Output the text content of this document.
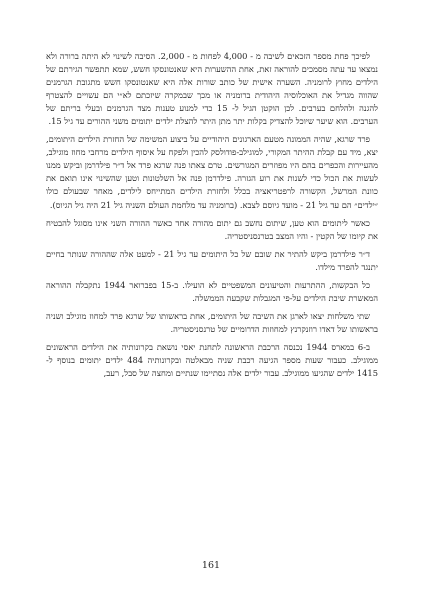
לפיכך פחת מספר הזכאים לשיבה מ - 4,000 לפחות מ - 2,000. הסיבה לשינוי לא היתה ברורה ולא נמצאו עד עתה מסמכים להוראה זאת, אחת ההשערות היא שאנטונסקו חשש, שמא תתפשר הגירתם של הילדים מחוץ לרומניה. השערה אישית של כותב שורות אלה היא שאנטונסקו חשש מתגובת הגרמנים שהווה מגדיל את האוכלוסיה היהודית ברומניה או מכך שבמקרה שיזכתם לא״י הם עשויים להצטרף להגנה ולהלחם בערבים. לכן הוקטן הגיל ל- 15 כדי למנוע טענות מצד הגרמנים ובעלי בריתם של הערבים. הוא שיער שיוכל להצדיק בקלות יתר מתן היתר להצלת ילדים יתומים משני ההורים עד גיל 15.

פרד שרגא, שהיה הממונה מטעם הארגונים היהודיים על ביצוע המשימה של החזרת הילדים היתומים, יצא, מיד עם קבלת ההיתר המקורי, למוגילב-פודולסק להכין ולפקח על איסוף הילדים מרחבי מחוז מוגילב, מהעיירות והכפרים בהם היו מפוזרים המגורשים. טרם צאתו פנה שרגא פרד אל ד״ר פילדרמן וביקש ממנו לעשות את הכול כדי לשנות את רוע הגזרה. פילדרמן פנה אל השלטונות וטען שהשינוי אינו תואם את כוונת המרשל, הקשורה לרפטריאציה בכלל ולחזרת הילדים המתייחס לילדים, מאחר שבעולם כולו ״ילדים״ הם עד גיל 21 - מועד גיוסם לצבא. (ברומניה עד מלחמת העולם השניה גיל 21 היה גיל הגיוס).

כאשר ליתומים הוא טען, שיתום נחשב גם יתום מהורה אחד כאשר ההורה השני אינו מסוגל להבטיח את קיומו של הקטין - והיו המצב בטרנסניסטריה.

ד״ר פילדרמן ביקש להתיר את שובם של כל היתומים עד גיל 21 - למעט אלה שההורה שנותר בחיים יתנגד להפרד מילדו.

כל הבקשות, ההתרעות והטיעונים המשפטיים לא הועילו. ב-15 בפברואר 1944 נתקבלה ההוראה המאשרת שיבת הילדים על-פי המגבלות שקבעה הממשלה.

שתי משלחות יצאו לארגן את השיבה של היתומים, אחת בראשותו של שרגא פרד למחוז מוגילב ושניה בראשותו של דאדו רוזנקרנץ למחוזות הדרומיים של טרנסניסטריה.

ב-6 במארס 1944 נכנסה הרכבת הראשונה לתחנת יאסי נושאת בקרונותיה את הילדים הראשונים ממוגילב. כעבור שעות מספר הגיעה רכבת שניה מבאלטה ובקרונותיה 484 ילדים יתומים בנוסף ל- 1415 ילדים שהגיעו ממוגילב. עבור ילדים אלה נסתיימו שנתיים ומחצה של סבל, רעב,

161
